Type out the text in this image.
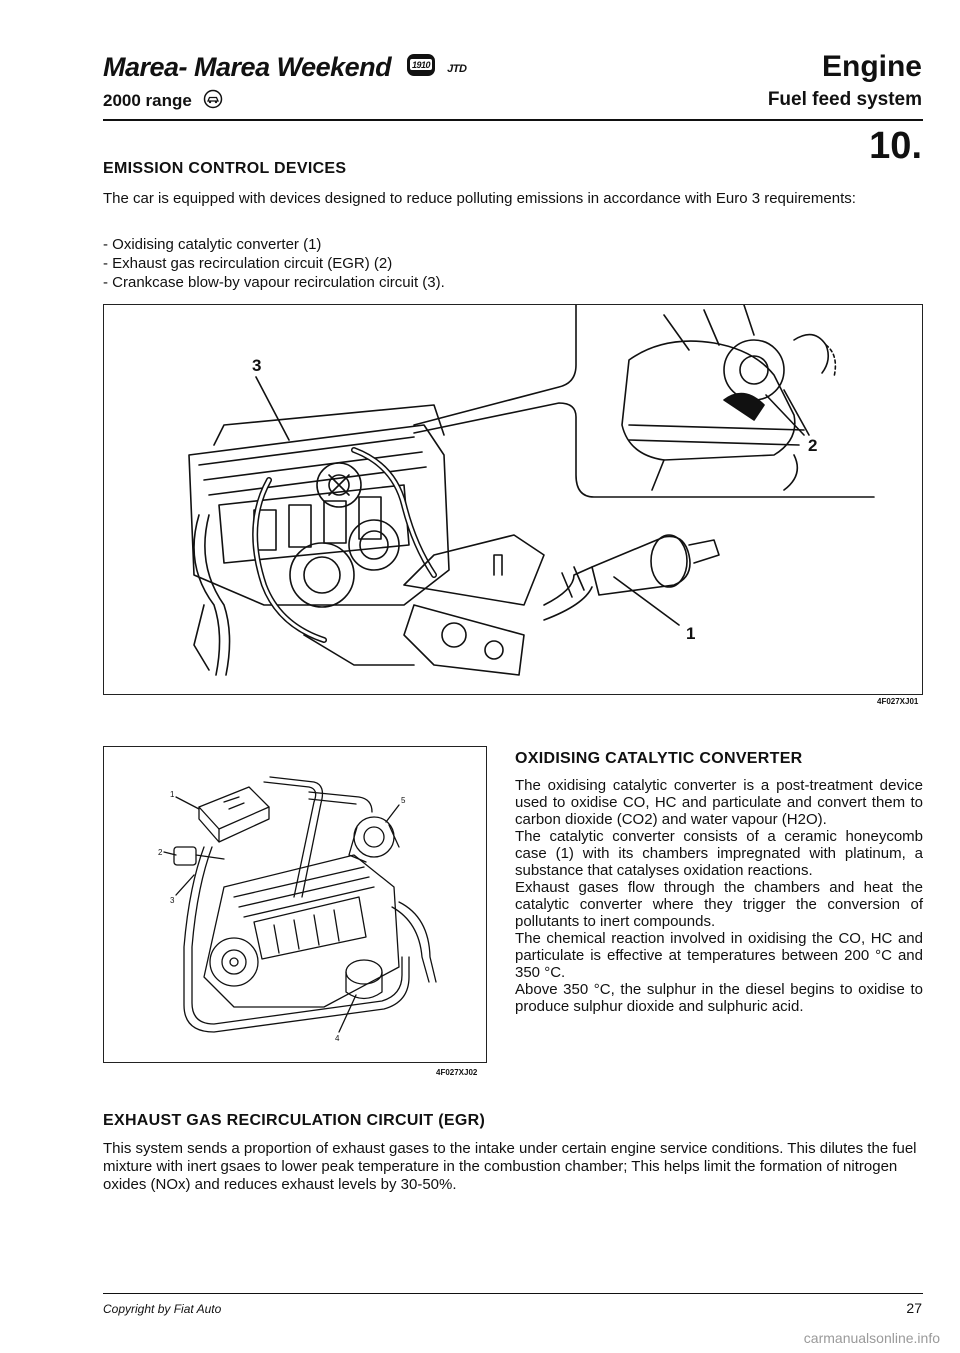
Marea- Marea Weekend 1910 JTD
2000 range
Engine
Fuel feed system
10.
EMISSION CONTROL DEVICES
The car is equipped with devices designed to reduce polluting emissions in accordance with Euro 3 requirements:
- Oxidising catalytic converter (1)
- Exhaust gas recirculation circuit (EGR) (2)
- Crankcase blow-by vapour recirculation circuit (3).
3
2
1
4F027XJ01
1
2
3
4
5
4F027XJ02
OXIDISING CATALYTIC CONVERTER

The oxidising catalytic converter is a post-treatment device used to oxidise CO, HC and particulate and convert them to carbon dioxide (CO2) and water vapour (H2O).

The catalytic converter consists of a ceramic honeycomb case (1) with its chambers impregnated with platinum, a substance that catalyses oxidation reactions.

Exhaust gases flow through the chambers and heat the catalytic converter where they trigger the conversion of pollutants to inert compounds.

The chemical reaction involved in oxidising the CO, HC and particulate is effective at temperatures between 200 °C and 350 °C.

Above 350 °C, the sulphur in the diesel begins to oxidise to produce sulphur dioxide and sulphuric acid.

EXHAUST GAS RECIRCULATION CIRCUIT (EGR)
This system sends a proportion of exhaust gases to the intake under certain engine service conditions. This dilutes the fuel mixture with inert gsaes to lower peak temperature in the combustion chamber; This helps limit the formation of nitrogen oxides (NOx) and reduces exhaust levels by 30-50%.
Copyright by Fiat Auto	27
carmanualsonline.info
